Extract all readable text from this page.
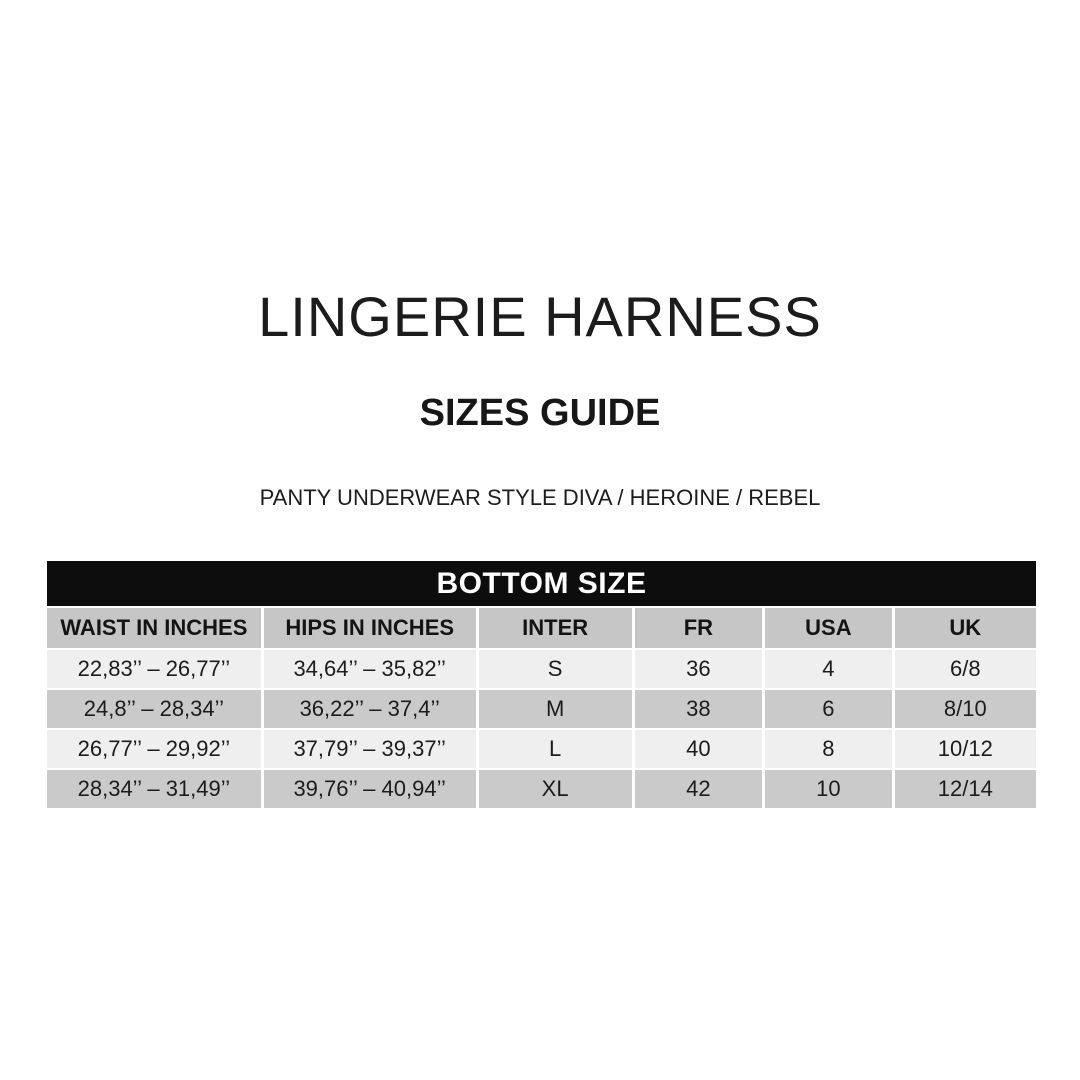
LINGERIE HARNESS
SIZES GUIDE
PANTY UNDERWEAR STYLE DIVA / HEROINE / REBEL
BOTTOM SIZE					
WAIST IN INCHES	HIPS IN INCHES	INTER	FR	USA	UK
22,83’’ – 26,77’’	34,64’’ – 35,82’’	S	36	4	6/8
24,8’’ – 28,34’’	36,22’’ – 37,4’’	M	38	6	8/10
26,77’’ – 29,92’’	37,79’’ – 39,37’’	L	40	8	10/12
28,34’’ – 31,49’’	39,76’’ – 40,94’’	XL	42	10	12/14
